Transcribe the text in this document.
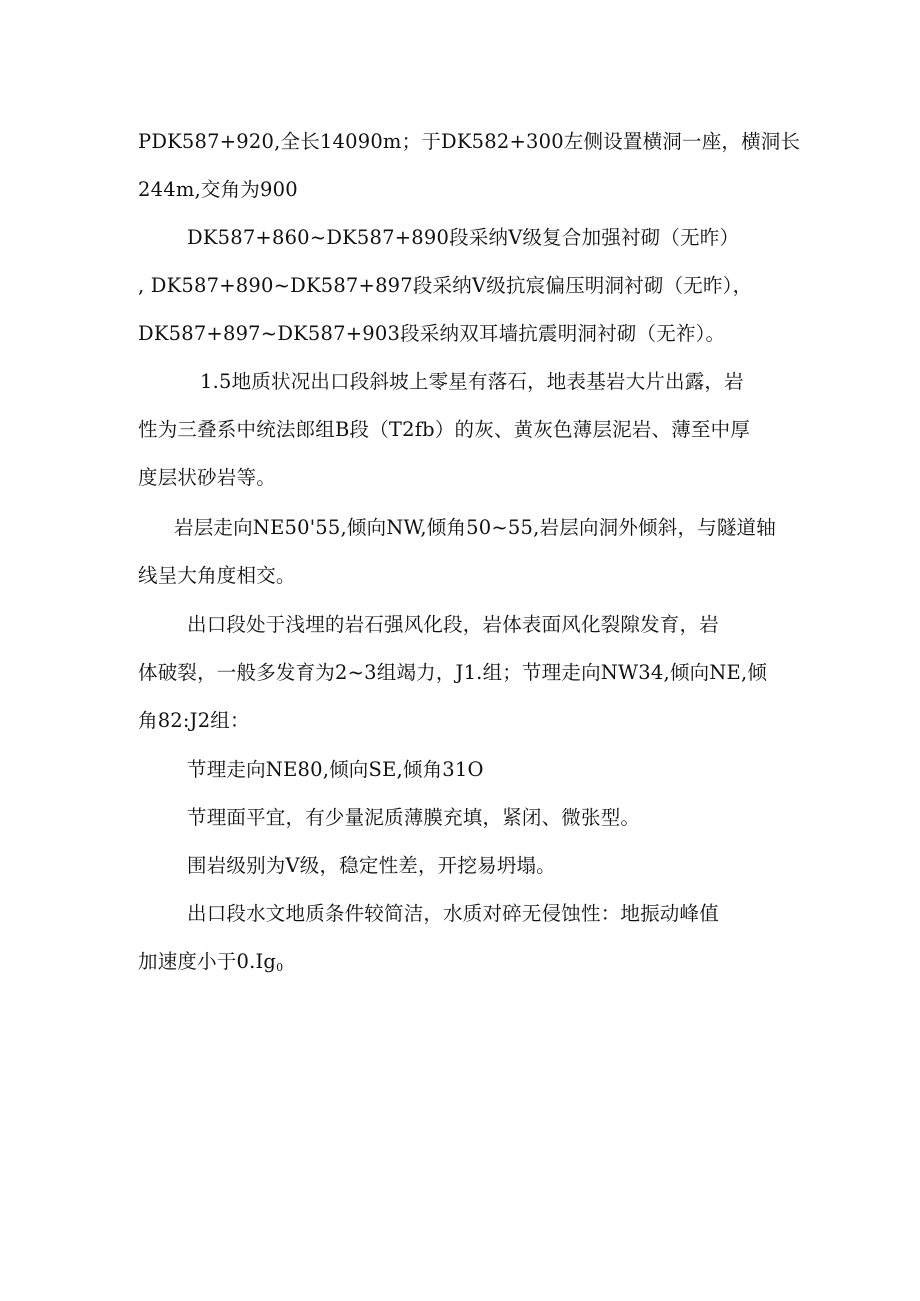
PDK587+920,全长14090m；于DK582+300左侧设置横洞一座，横洞长
244m,交角为900
DK587+860~DK587+890段采纳V级复合加强衬砌（无昨）
, DK587+890~DK587+897段采纳V级抗宸偏压明洞衬砌（无昨），
DK587+897~DK587+903段采纳双耳墙抗震明洞衬砌（无祚）。
1.5地质状况出口段斜坡上零星有落石，地表基岩大片出露，岩
性为三叠系中统法郎组B段（T2fb）的灰、黄灰色薄层泥岩、薄至中厚
度层状砂岩等。
岩层走向NE50'55,倾向NW,倾角50~55,岩层向洞外倾斜，与隧道轴
线呈大角度相交。
出口段处于浅埋的岩石强风化段，岩体表面风化裂隙发育，岩
体破裂，一般多发育为2~3组竭力，J1.组；节理走向NW34,倾向NE,倾
角82:J2组：
节理走向NE80,倾向SE,倾角31O
节理面平宜，有少量泥质薄膜充填，紧闭、微张型。
围岩级别为V级，稳定性差，开挖易坍塌。
出口段水文地质条件较简洁，水质对碎无侵蚀性：地振动峰值
加速度小于$0.Ig_0$
